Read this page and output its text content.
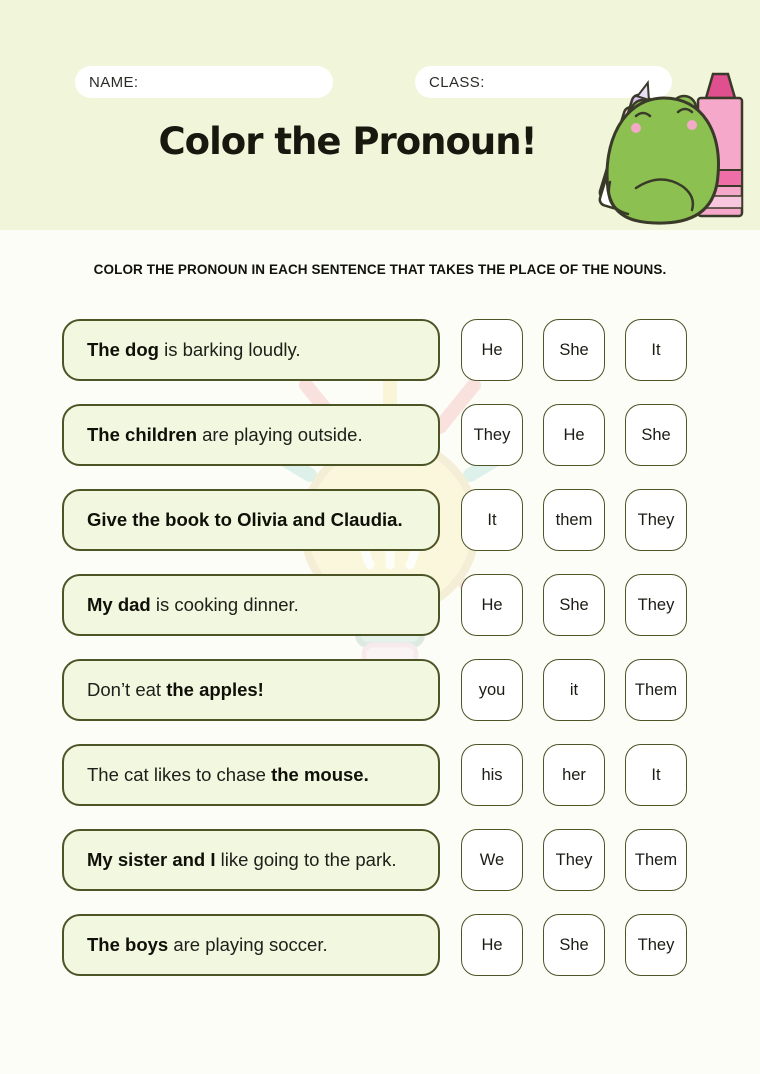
NAME:	CLASS:
Color the Pronoun!
COLOR THE PRONOUN IN EACH SENTENCE THAT TAKES THE PLACE OF THE NOUNS.
The dog is barking loudly.	He	She	It
The children are playing outside.	They	He	She
Give the book to Olivia and Claudia.	It	them	They
My dad is cooking dinner.	He	She	They
Don’t eat the apples!	you	it	Them
The cat likes to chase the mouse.	his	her	It
My sister and I like going to the park.	We	They	Them
The boys are playing soccer.	He	She	They
